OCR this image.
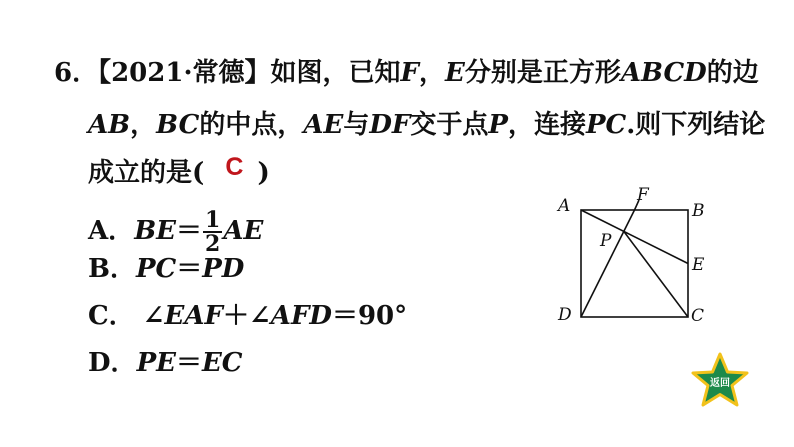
6．【2021·常德】如图，已知F，E分别是正方形ABCD的边
AB，BC的中点，AE与DF交于点P，连接PC.则下列结论
成立的是( C )
A．$BE= \frac{1}{2}$ AE
B．PC＝PD
C． ∠EAF＋∠AFD＝90°
D．PE＝EC
A
F
B
P
E
D	C
返回
